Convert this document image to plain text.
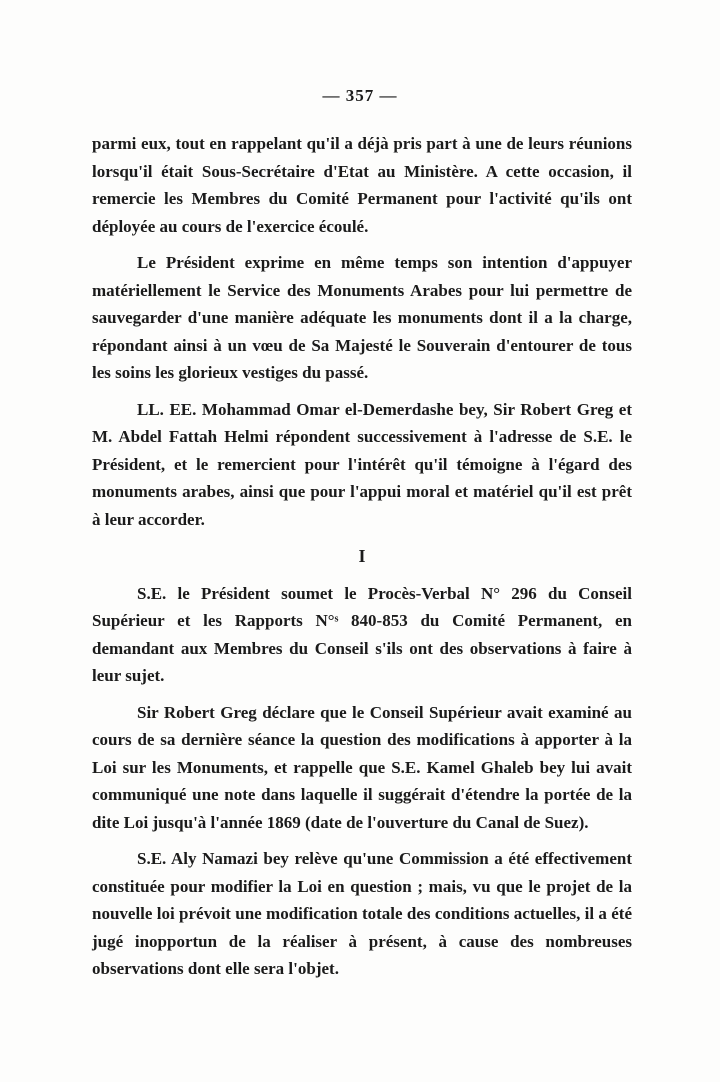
— 357 —

parmi eux, tout en rappelant qu'il a déjà pris part à une de leurs réunions lorsqu'il était Sous-Secrétaire d'Etat au Ministère. A cette occasion, il remercie les Membres du Comité Permanent pour l'activité qu'ils ont déployée au cours de l'exercice écoulé.

Le Président exprime en même temps son intention d'appuyer matériellement le Service des Monuments Arabes pour lui permettre de sauvegarder d'une manière adéquate les monuments dont il a la charge, répondant ainsi à un vœu de Sa Majesté le Souverain d'entourer de tous les soins les glorieux vestiges du passé.

LL. EE. Mohammad Omar el-Demerdashe bey, Sir Robert Greg et M. Abdel Fattah Helmi répondent successivement à l'adresse de S.E. le Président, et le remercient pour l'intérêt qu'il témoigne à l'égard des monuments arabes, ainsi que pour l'appui moral et matériel qu'il est prêt à leur accorder.

I

S.E. le Président soumet le Procès-Verbal N° 296 du Conseil Supérieur et les Rapports N°ˢ 840-853 du Comité Permanent, en demandant aux Membres du Conseil s'ils ont des observations à faire à leur sujet.

Sir Robert Greg déclare que le Conseil Supérieur avait examiné au cours de sa dernière séance la question des modifications à apporter à la Loi sur les Monuments, et rappelle que S.E. Kamel Ghaleb bey lui avait communiqué une note dans laquelle il suggérait d'étendre la portée de la dite Loi jusqu'à l'année 1869 (date de l'ouverture du Canal de Suez).

S.E. Aly Namazi bey relève qu'une Commission a été effectivement constituée pour modifier la Loi en question ; mais, vu que le projet de la nouvelle loi prévoit une modification totale des conditions actuelles, il a été jugé inopportun de la réaliser à présent, à cause des nombreuses observations dont elle sera l'objet.
